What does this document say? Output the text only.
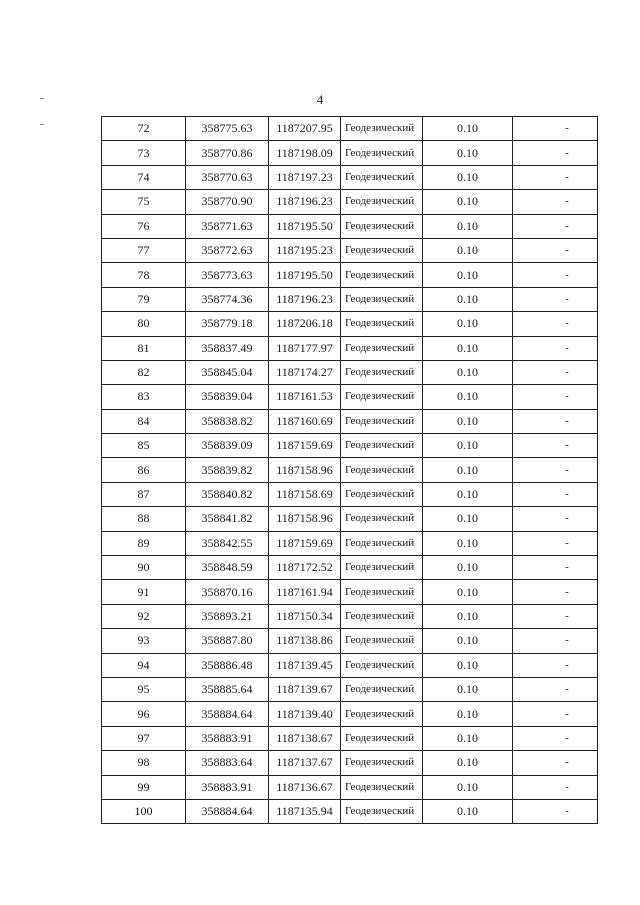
4
72	358775.63	1187207.95	Геодезический	0.10	-
73	358770.86	1187198.09	Геодезический	0.10	-
74	358770.63	1187197.23	Геодезический	0.10	-
75	358770.90	1187196.23	Геодезический	0.10	-
76	358771.63	1187195.50	Геодезический	0.10	-
77	358772.63	1187195.23	Геодезический	0.10	-
78	358773.63	1187195.50	Геодезический	0.10	-
79	358774.36	1187196.23	Геодезический	0.10	-
80	358779.18	1187206.18	Геодезический	0.10	-
81	358837.49	1187177.97	Геодезический	0.10	-
82	358845.04	1187174.27	Геодезический	0.10	-
83	358839.04	1187161.53	Геодезический	0.10	-
84	358838.82	1187160.69	Геодезический	0.10	-
85	358839.09	1187159.69	Геодезический	0.10	-
86	358839.82	1187158.96	Геодезический	0.10	-
87	358840.82	1187158.69	Геодезический	0.10	-
88	358841.82	1187158.96	Геодезический	0.10	-
89	358842.55	1187159.69	Геодезический	0.10	-
90	358848.59	1187172.52	Геодезический	0.10	-
91	358870.16	1187161.94	Геодезический	0.10	-
92	358893.21	1187150.34	Геодезический	0.10	-
93	358887.80	1187138.86	Геодезический	0.10	-
94	358886.48	1187139.45	Геодезический	0.10	-
95	358885.64	1187139.67	Геодезический	0.10	-
96	358884.64	1187139.40	Геодезический	0.10	-
97	358883.91	1187138.67	Геодезический	0.10	-
98	358883.64	1187137.67	Геодезический	0.10	-
99	358883.91	1187136.67	Геодезический	0.10	-
100	358884.64	1187135.94	Геодезический	0.10	-
